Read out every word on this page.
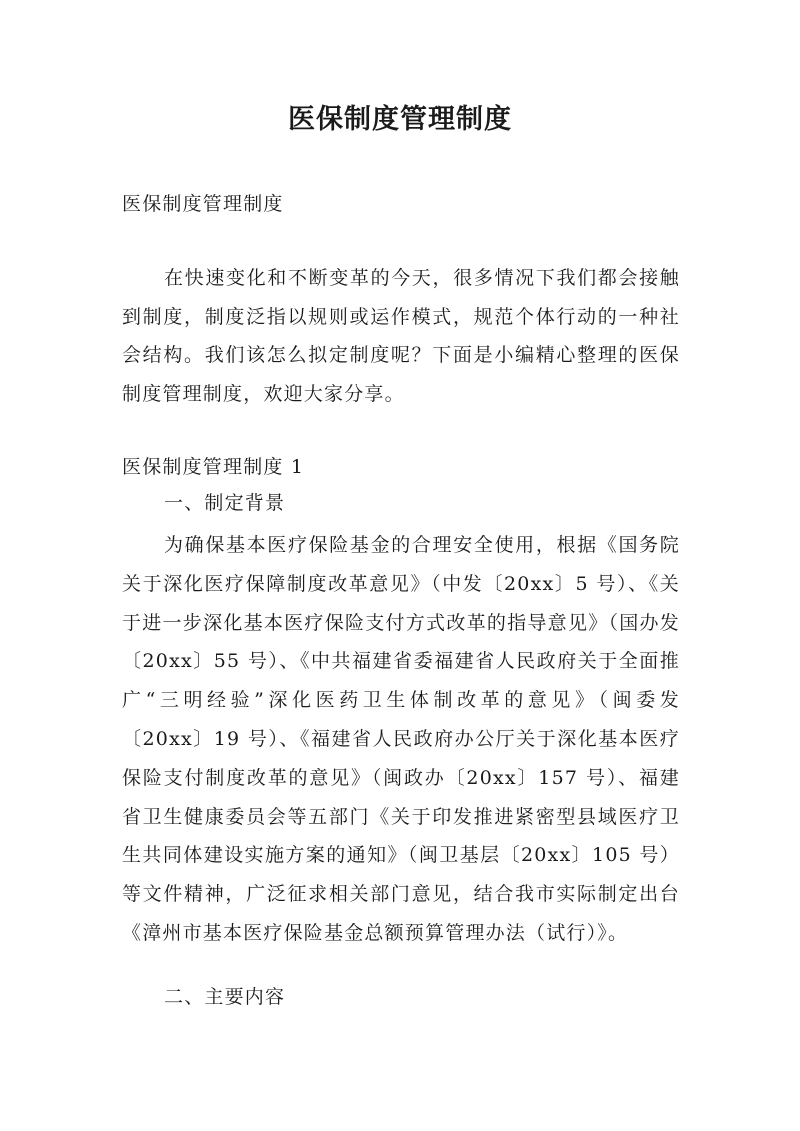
医保制度管理制度

医保制度管理制度

在快速变化和不断变革的今天，很多情况下我们都会接触到制度，制度泛指以规则或运作模式，规范个体行动的一种社会结构。我们该怎么拟定制度呢？下面是小编精心整理的医保制度管理制度，欢迎大家分享。

医保制度管理制度 1

一、制定背景

为确保基本医疗保险基金的合理安全使用，根据《国务院关于深化医疗保障制度改革意见》（中发〔20xx〕5 号）、《关于进一步深化基本医疗保险支付方式改革的指导意见》（国办发〔20xx〕55 号）、《中共福建省委福建省人民政府关于全面推广“三明经验”深化医药卫生体制改革的意见》（闽委发〔20xx〕19 号）、《福建省人民政府办公厅关于深化基本医疗保险支付制度改革的意见》（闽政办〔20xx〕157 号）、福建省卫生健康委员会等五部门《关于印发推进紧密型县域医疗卫生共同体建设实施方案的通知》（闽卫基层〔20xx〕105 号）等文件精神，广泛征求相关部门意见，结合我市实际制定出台《漳州市基本医疗保险基金总额预算管理办法（试行）》。

二、主要内容
